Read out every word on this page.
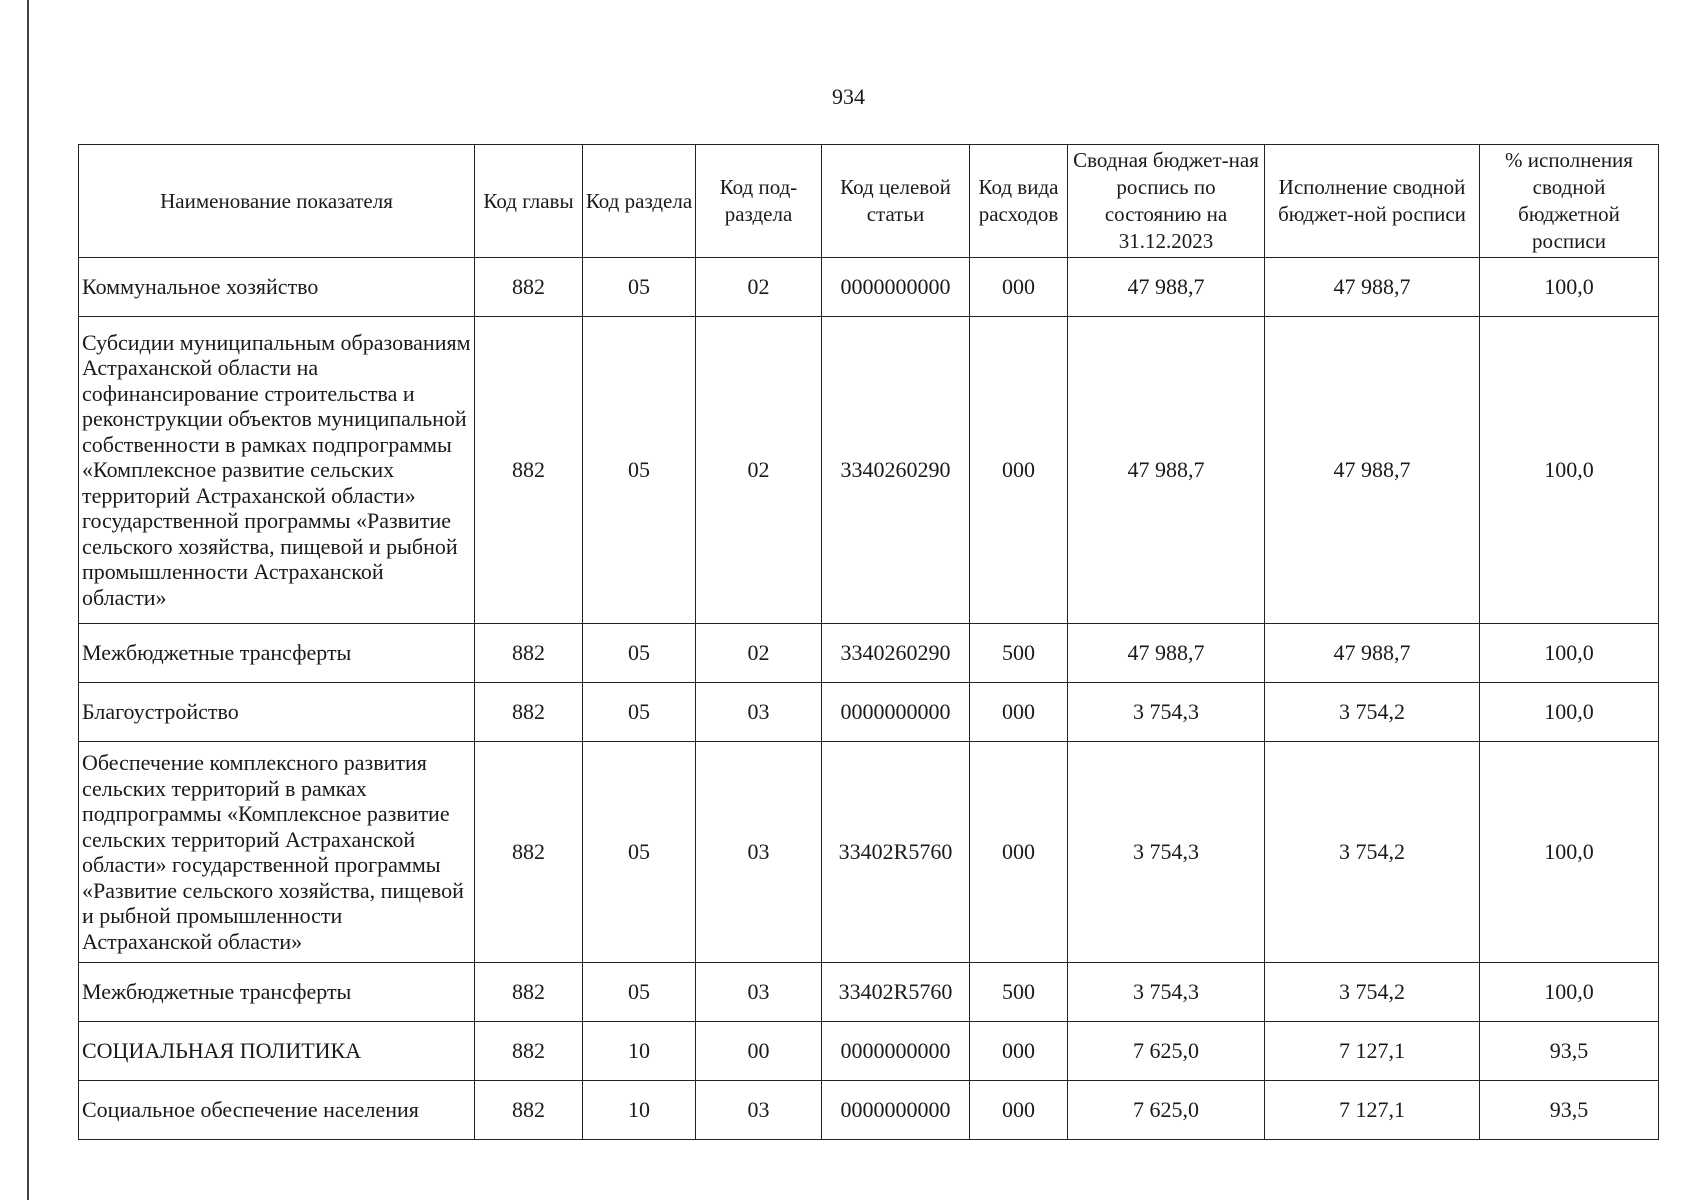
934
Наименование показателя	Код главы	Код раздела	Код под-раздела	Код целевой статьи	Код вида расходов	Сводная бюджет-ная роспись по состоянию на 31.12.2023	Исполнение сводной бюджет-ной росписи	% исполнения сводной бюджетной росписи
Коммунальное хозяйство	882	05	02	0000000000	000	47 988,7	47 988,7	100,0
Субсидии муниципальным образованиям Астраханской области на софинансирование строительства и реконструкции объектов муниципальной собственности в рамках подпрограммы «Комплексное развитие сельских территорий Астраханской области» государственной программы «Развитие сельского хозяйства, пищевой и рыбной промышленности Астраханской области»	882	05	02	3340260290	000	47 988,7	47 988,7	100,0
Межбюджетные трансферты	882	05	02	3340260290	500	47 988,7	47 988,7	100,0
Благоустройство	882	05	03	0000000000	000	3 754,3	3 754,2	100,0
Обеспечение комплексного развития сельских территорий в рамках подпрограммы «Комплексное развитие сельских территорий Астраханской области» государственной программы «Развитие сельского хозяйства, пищевой и рыбной промышленности Астраханской области»	882	05	03	33402R5760	000	3 754,3	3 754,2	100,0
Межбюджетные трансферты	882	05	03	33402R5760	500	3 754,3	3 754,2	100,0
СОЦИАЛЬНАЯ ПОЛИТИКА	882	10	00	0000000000	000	7 625,0	7 127,1	93,5
Социальное обеспечение населения	882	10	03	0000000000	000	7 625,0	7 127,1	93,5
